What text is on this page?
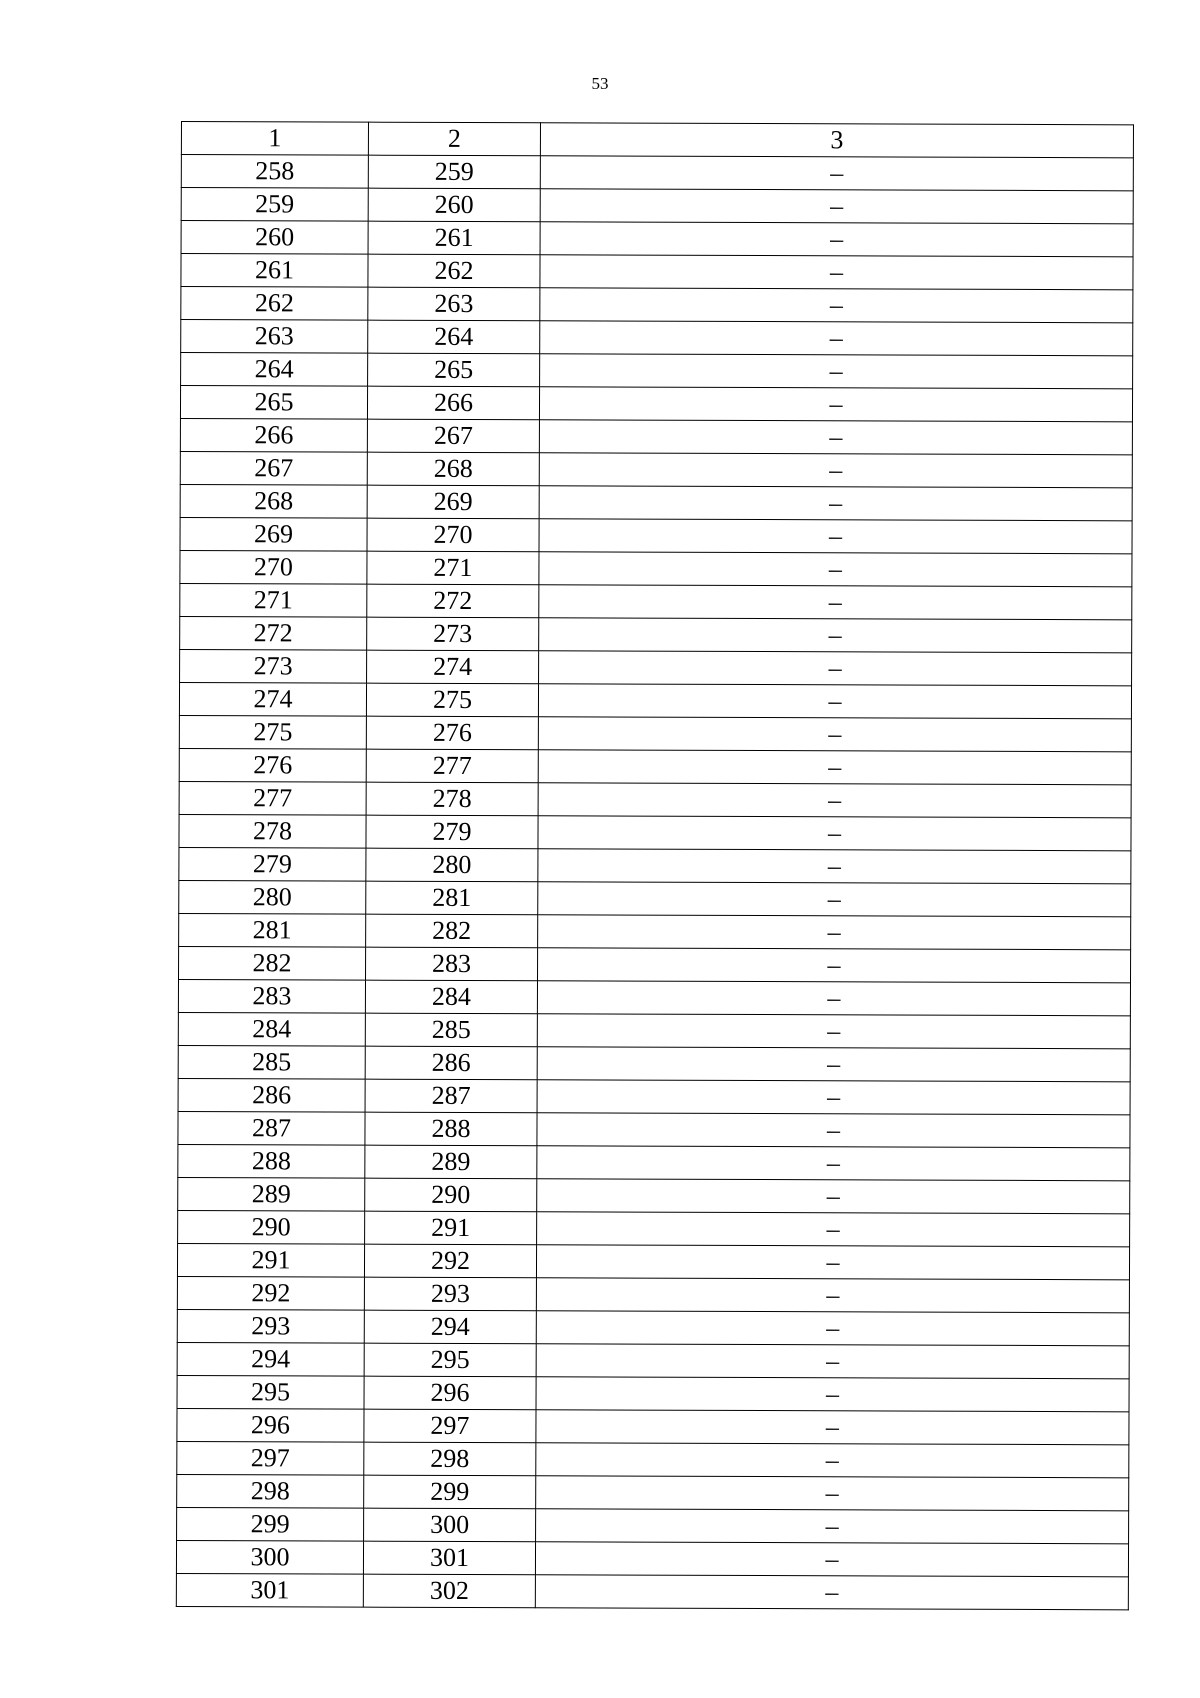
53
1	2	3
258	259	–
259	260	–
260	261	–
261	262	–
262	263	–
263	264	–
264	265	–
265	266	–
266	267	–
267	268	–
268	269	–
269	270	–
270	271	–
271	272	–
272	273	–
273	274	–
274	275	–
275	276	–
276	277	–
277	278	–
278	279	–
279	280	–
280	281	–
281	282	–
282	283	–
283	284	–
284	285	–
285	286	–
286	287	–
287	288	–
288	289	–
289	290	–
290	291	–
291	292	–
292	293	–
293	294	–
294	295	–
295	296	–
296	297	–
297	298	–
298	299	–
299	300	–
300	301	–
301	302	–
